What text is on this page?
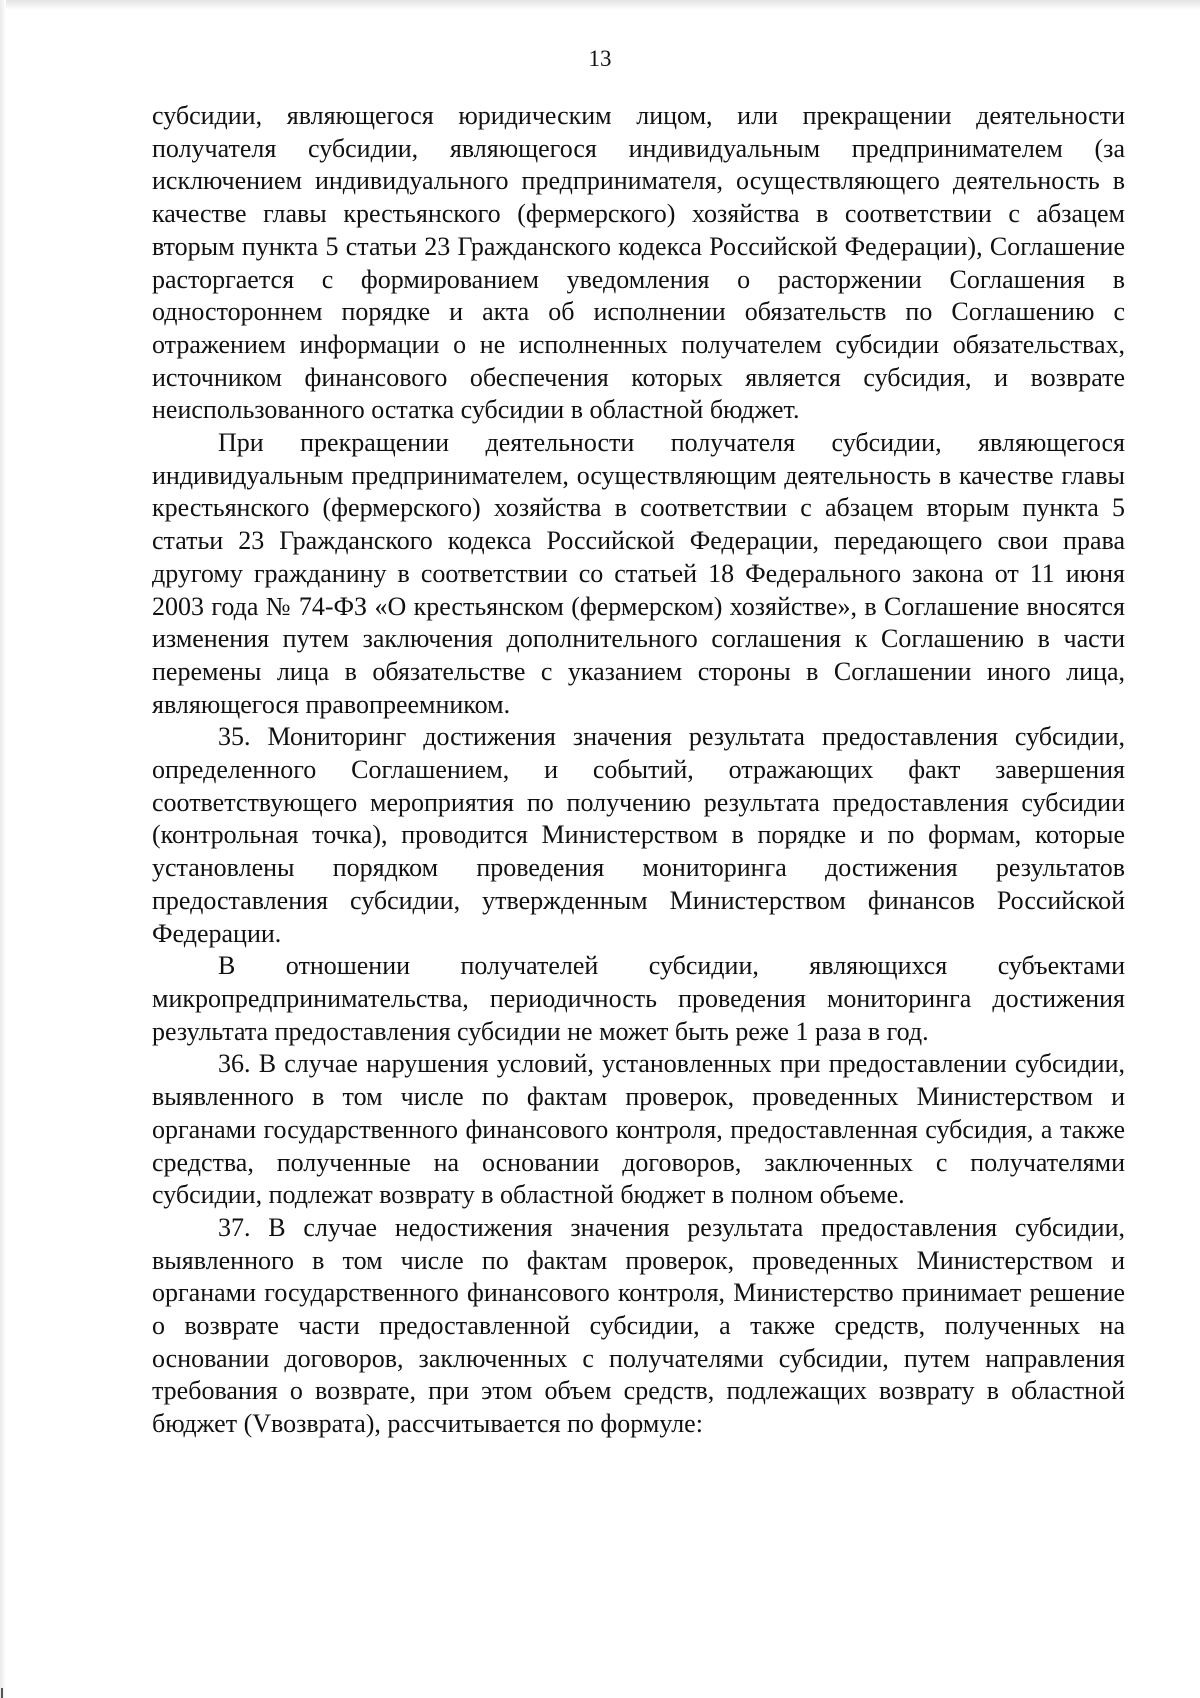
13

субсидии, являющегося юридическим лицом, или прекращении деятельности получателя субсидии, являющегося индивидуальным предпринимателем (за исключением индивидуального предпринимателя, осуществляющего деятельность в качестве главы крестьянского (фермерского) хозяйства в соответствии с абзацем вторым пункта 5 статьи 23 Гражданского кодекса Российской Федерации), Соглашение расторгается с формированием уведомления о расторжении Соглашения в одностороннем порядке и акта об исполнении обязательств по Соглашению с отражением информации о не исполненных получателем субсидии обязательствах, источником финансового обеспечения которых является субсидия, и возврате неиспользованного остатка субсидии в областной бюджет.

При прекращении деятельности получателя субсидии, являющегося индивидуальным предпринимателем, осуществляющим деятельность в качестве главы крестьянского (фермерского) хозяйства в соответствии с абзацем вторым пункта 5 статьи 23 Гражданского кодекса Российской Федерации, передающего свои права другому гражданину в соответствии со статьей 18 Федерального закона от 11 июня 2003 года № 74-ФЗ «О крестьянском (фермерском) хозяйстве», в Соглашение вносятся изменения путем заключения дополнительного соглашения к Соглашению в части перемены лица в обязательстве с указанием стороны в Соглашении иного лица, являющегося правопреемником.

35. Мониторинг достижения значения результата предоставления субсидии, определенного Соглашением, и событий, отражающих факт завершения соответствующего мероприятия по получению результата предоставления субсидии (контрольная точка), проводится Министерством в порядке и по формам, которые установлены порядком проведения мониторинга достижения результатов предоставления субсидии, утвержденным Министерством финансов Российской Федерации.

В отношении получателей субсидии, являющихся субъектами микропредпринимательства, периодичность проведения мониторинга достижения результата предоставления субсидии не может быть реже 1 раза в год.

36. В случае нарушения условий, установленных при предоставлении субсидии, выявленного в том числе по фактам проверок, проведенных Министерством и органами государственного финансового контроля, предоставленная субсидия, а также средства, полученные на основании договоров, заключенных с получателями субсидии, подлежат возврату в областной бюджет в полном объеме.

37. В случае недостижения значения результата предоставления субсидии, выявленного в том числе по фактам проверок, проведенных Министерством и органами государственного финансового контроля, Министерство принимает решение о возврате части предоставленной субсидии, а также средств, полученных на основании договоров, заключенных с получателями субсидии, путем направления требования о возврате, при этом объем средств, подлежащих возврату в областной бюджет (Vвозврата), рассчитывается по формуле:
